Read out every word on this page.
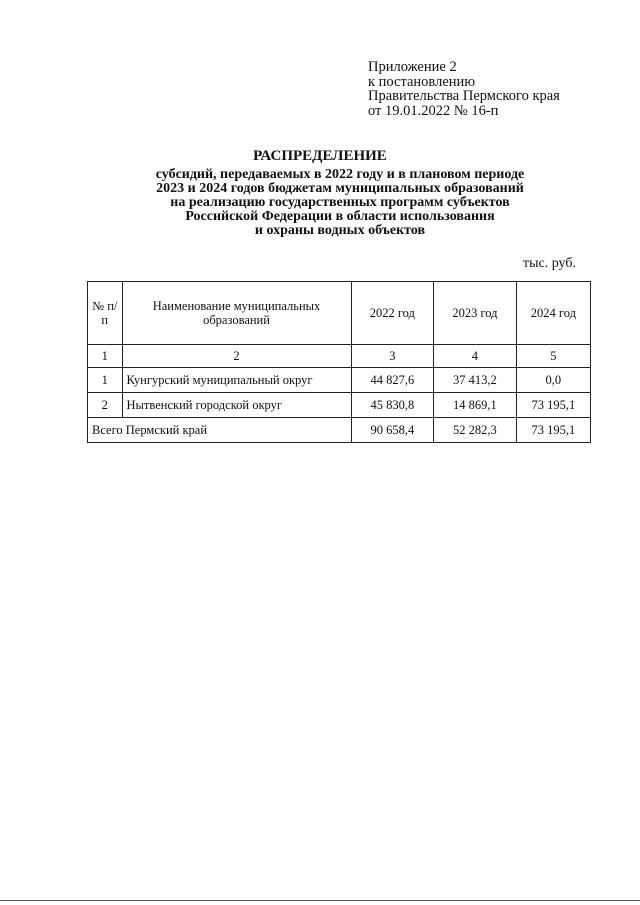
Приложение 2
к постановлению
Правительства Пермского края
от 19.01.2022 № 16-п
РАСПРЕДЕЛЕНИЕ
субсидий, передаваемых в 2022 году и в плановом периоде
2023 и 2024 годов бюджетам муниципальных образований
на реализацию государственных программ субъектов
Российской Федерации в области использования
и охраны водных объектов
тыс. руб.
№ п/п	Наименование муниципальных образований	2022 год	2023 год	2024 год
1	2	3	4	5
1	Кунгурский муниципальный округ	44 827,6	37 413,2	0,0
2	Нытвенский городской округ	45 830,8	14 869,1	73 195,1
Всего Пермский край		90 658,4	52 282,3	73 195,1
